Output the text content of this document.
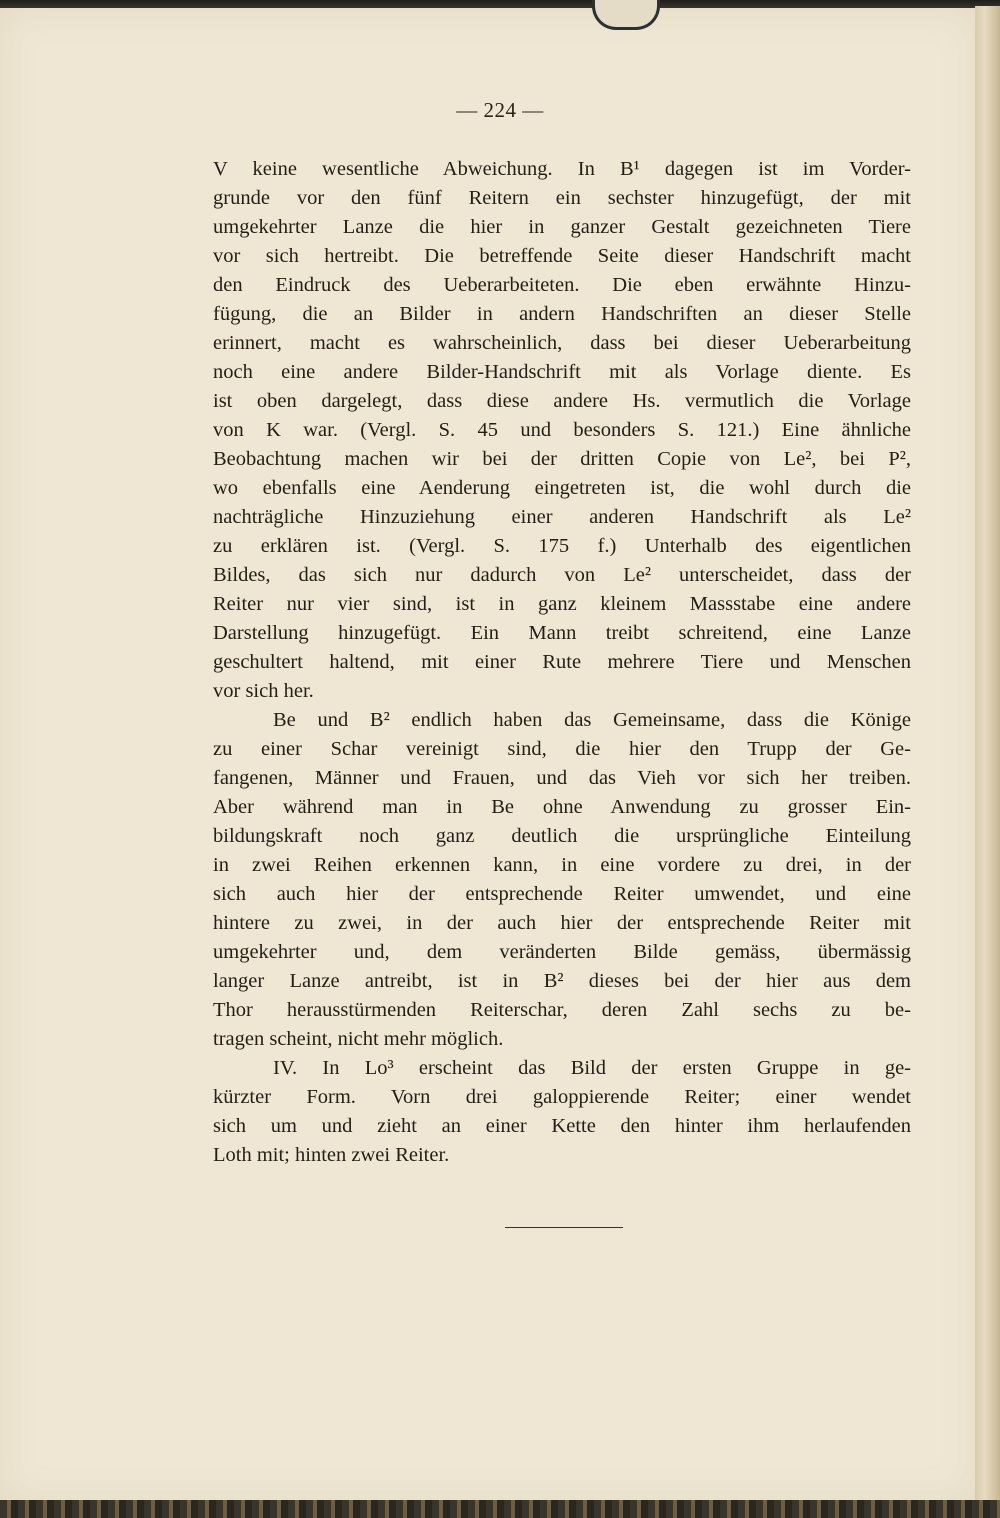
— 224 —
V keine wesentliche Abweichung. In B¹ dagegen ist im Vorder-
grunde vor den fünf Reitern ein sechster hinzugefügt, der mit
umgekehrter Lanze die hier in ganzer Gestalt gezeichneten Tiere
vor sich hertreibt. Die betreffende Seite dieser Handschrift macht
den Eindruck des Ueberarbeiteten. Die eben erwähnte Hinzu-
fügung, die an Bilder in andern Handschriften an dieser Stelle
erinnert, macht es wahrscheinlich, dass bei dieser Ueberarbeitung
noch eine andere Bilder-Handschrift mit als Vorlage diente. Es
ist oben dargelegt, dass diese andere Hs. vermutlich die Vorlage
von K war. (Vergl. S. 45 und besonders S. 121.) Eine ähnliche
Beobachtung machen wir bei der dritten Copie von Le², bei P²,
wo ebenfalls eine Aenderung eingetreten ist, die wohl durch die
nachträgliche Hinzuziehung einer anderen Handschrift als Le²
zu erklären ist. (Vergl. S. 175 f.) Unterhalb des eigentlichen
Bildes, das sich nur dadurch von Le² unterscheidet, dass der
Reiter nur vier sind, ist in ganz kleinem Massstabe eine andere
Darstellung hinzugefügt. Ein Mann treibt schreitend, eine Lanze
geschultert haltend, mit einer Rute mehrere Tiere und Menschen
vor sich her.
Be und B² endlich haben das Gemeinsame, dass die Könige
zu einer Schar vereinigt sind, die hier den Trupp der Ge-
fangenen, Männer und Frauen, und das Vieh vor sich her treiben.
Aber während man in Be ohne Anwendung zu grosser Ein-
bildungskraft noch ganz deutlich die ursprüngliche Einteilung
in zwei Reihen erkennen kann, in eine vordere zu drei, in der
sich auch hier der entsprechende Reiter umwendet, und eine
hintere zu zwei, in der auch hier der entsprechende Reiter mit
umgekehrter und, dem veränderten Bilde gemäss, übermässig
langer Lanze antreibt, ist in B² dieses bei der hier aus dem
Thor herausstürmenden Reiterschar, deren Zahl sechs zu be-
tragen scheint, nicht mehr möglich.
IV. In Lo³ erscheint das Bild der ersten Gruppe in ge-
kürzter Form. Vorn drei galoppierende Reiter; einer wendet
sich um und zieht an einer Kette den hinter ihm herlaufenden
Loth mit; hinten zwei Reiter.
